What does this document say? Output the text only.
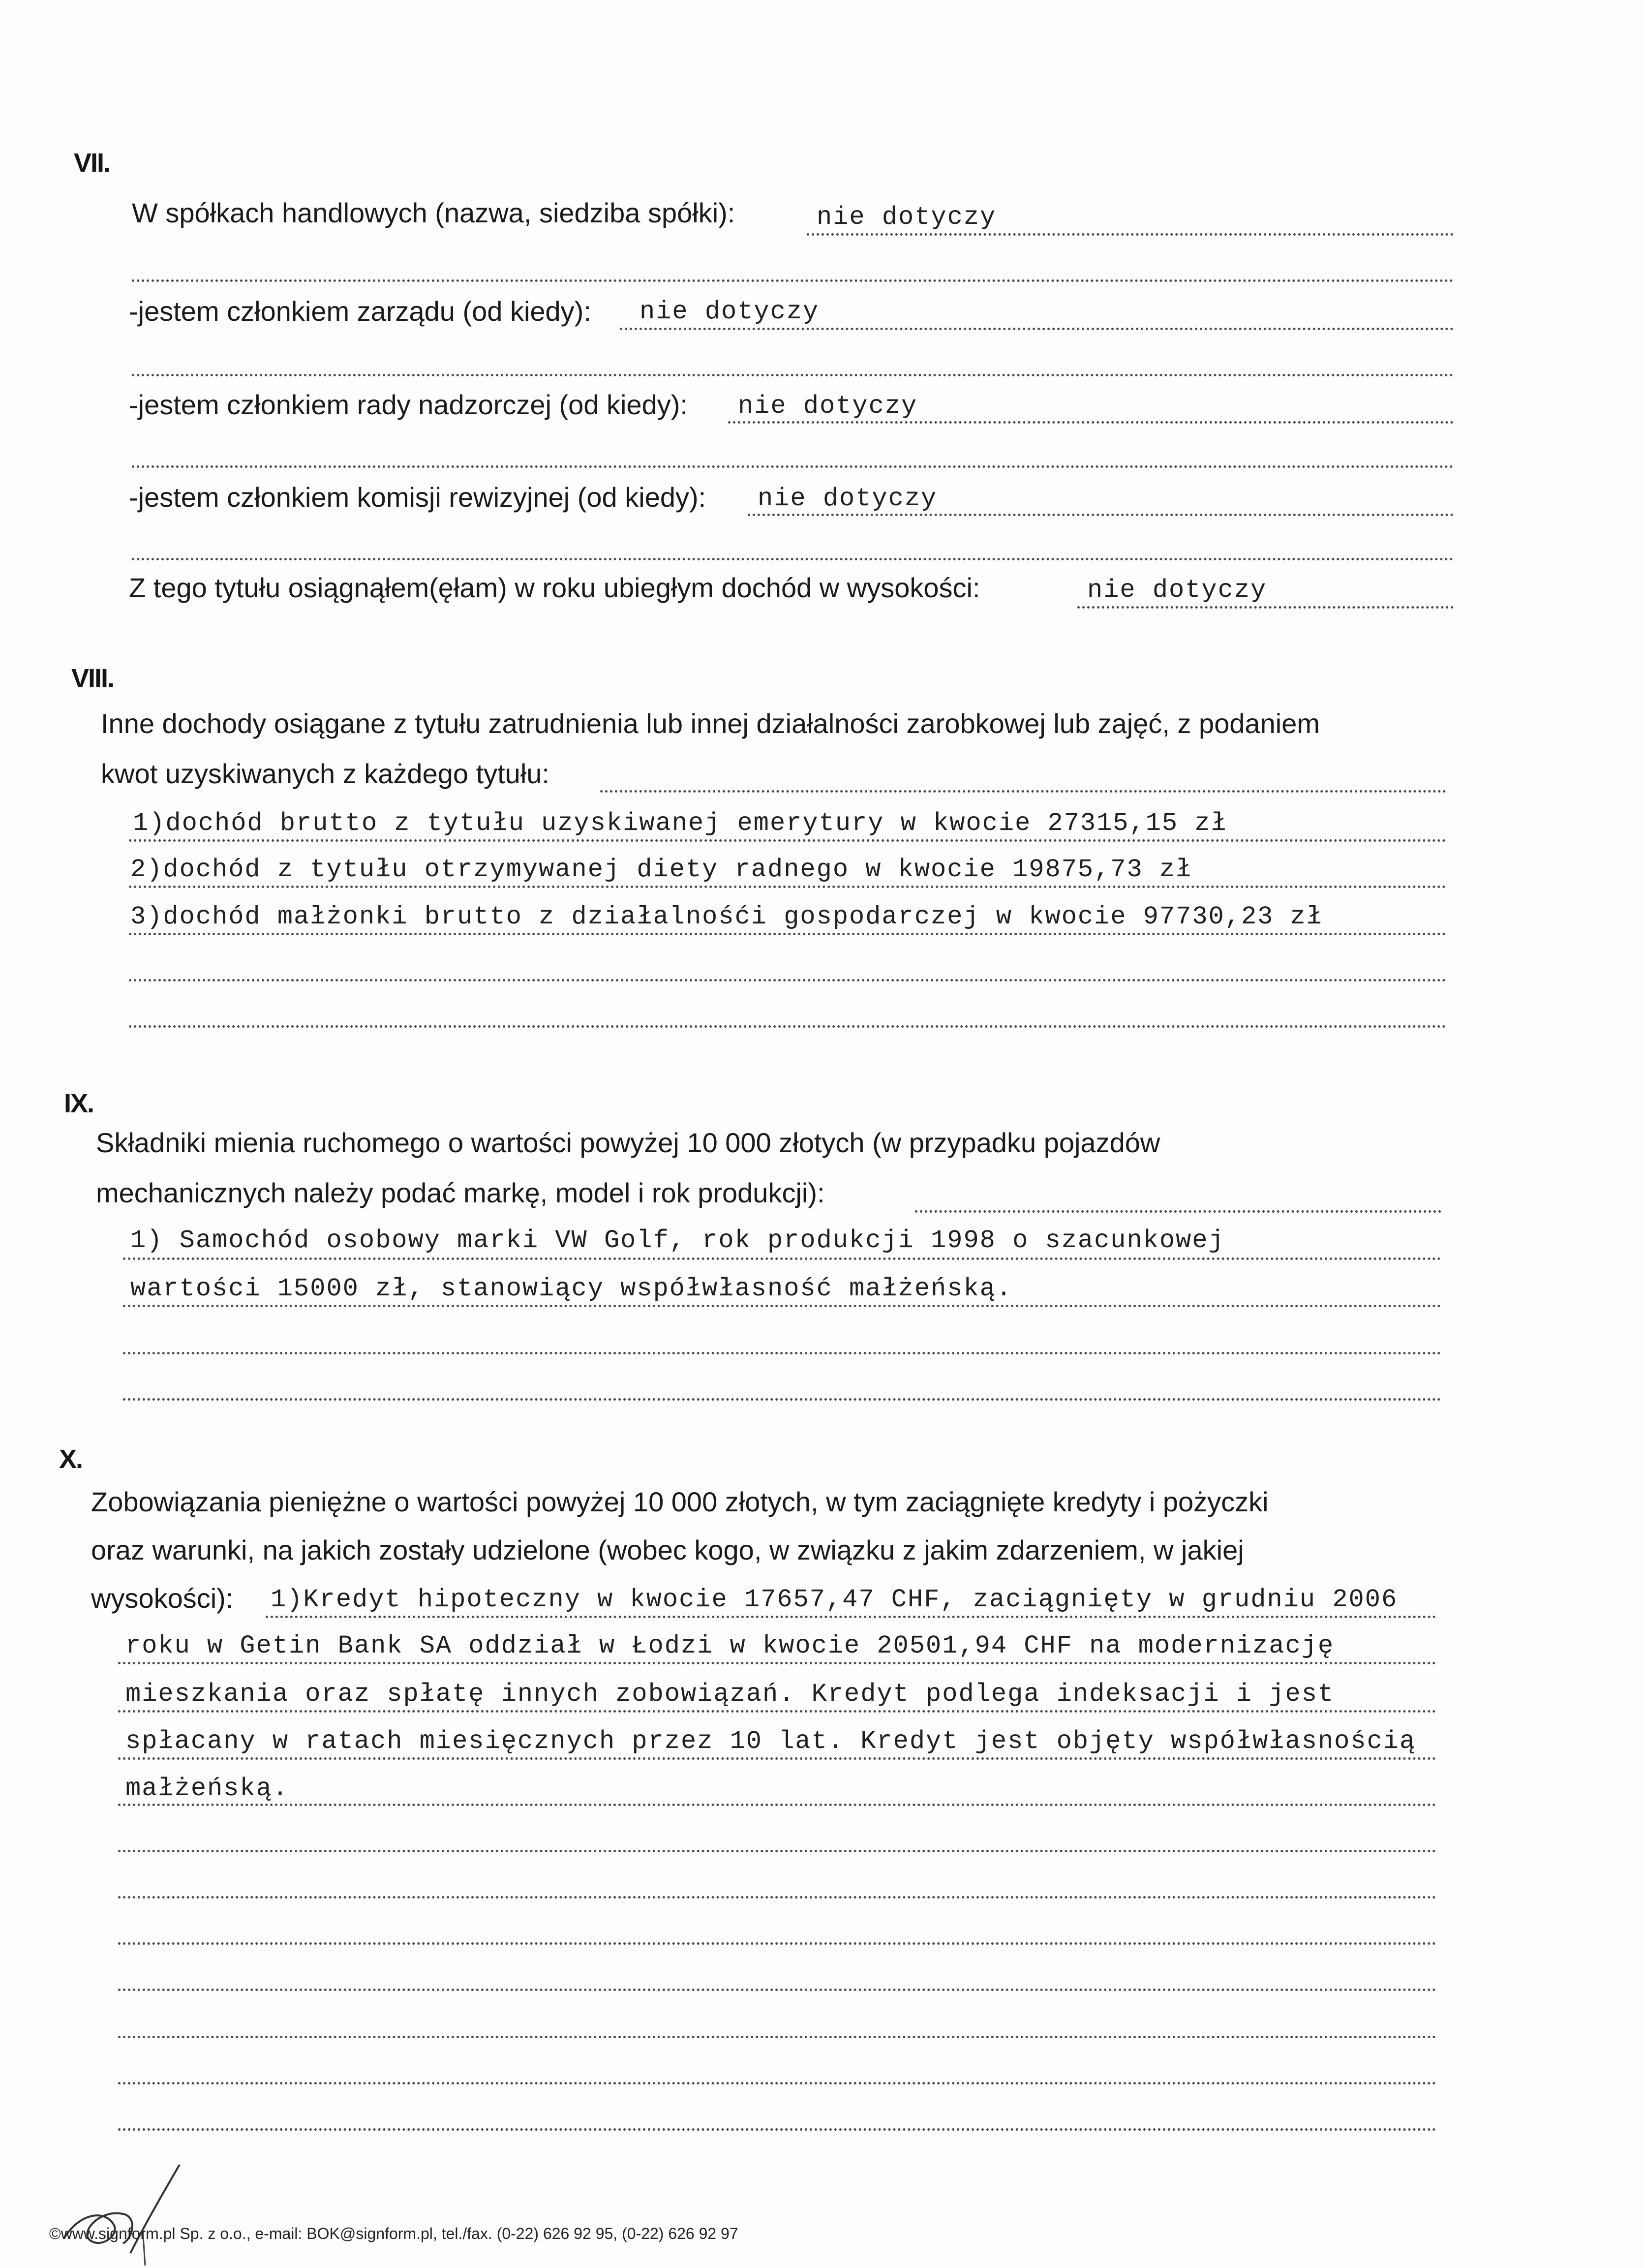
VII.
W spółkach handlowych (nazwa, siedziba spółki):	nie dotyczy
-jestem członkiem zarządu (od kiedy): nie dotyczy
-jestem członkiem rady nadzorczej (od kiedy): nie dotyczy
-jestem członkiem komisji rewizyjnej (od kiedy): nie dotyczy
Z tego tytułu osiągnąłem(ęłam) w roku ubiegłym dochód w wysokości:	nie dotyczy
VIII.
Inne dochody osiągane z tytułu zatrudnienia lub innej działalności zarobkowej lub zajęć, z podaniem
kwot uzyskiwanych z każdego tytułu:
1)dochód brutto z tytułu uzyskiwanej emerytury w kwocie 27315,15 zł
2)dochód z tytułu otrzymywanej diety radnego w kwocie 19875,73 zł
3)dochód małżonki brutto z działalnośći gospodarczej w kwocie 97730,23 zł
IX.
Składniki mienia ruchomego o wartości powyżej 10 000 złotych (w przypadku pojazdów
mechanicznych należy podać markę, model i rok produkcji):
1) Samochód osobowy marki VW Golf, rok produkcji 1998 o szacunkowej
wartości 15000 zł, stanowiący współwłasność małżeńską.
X.
Zobowiązania pieniężne o wartości powyżej 10 000 złotych, w tym zaciągnięte kredyty i pożyczki
oraz warunki, na jakich zostały udzielone (wobec kogo, w związku z jakim zdarzeniem, w jakiej
wysokości): 1)Kredyt hipoteczny w kwocie 17657,47 CHF, zaciągnięty w grudniu 2006
roku w Getin Bank SA oddział w Łodzi w kwocie 20501,94 CHF na modernizację
mieszkania oraz spłatę innych zobowiązań. Kredyt podlega indeksacji i jest
spłacany w ratach miesięcznych przez 10 lat. Kredyt jest objęty współwłasnością
małżeńską.
©www.signform.pl Sp. z o.o., e-mail: BOK@signform.pl, tel./fax. (0-22) 626 92 95, (0-22) 626 92 97
